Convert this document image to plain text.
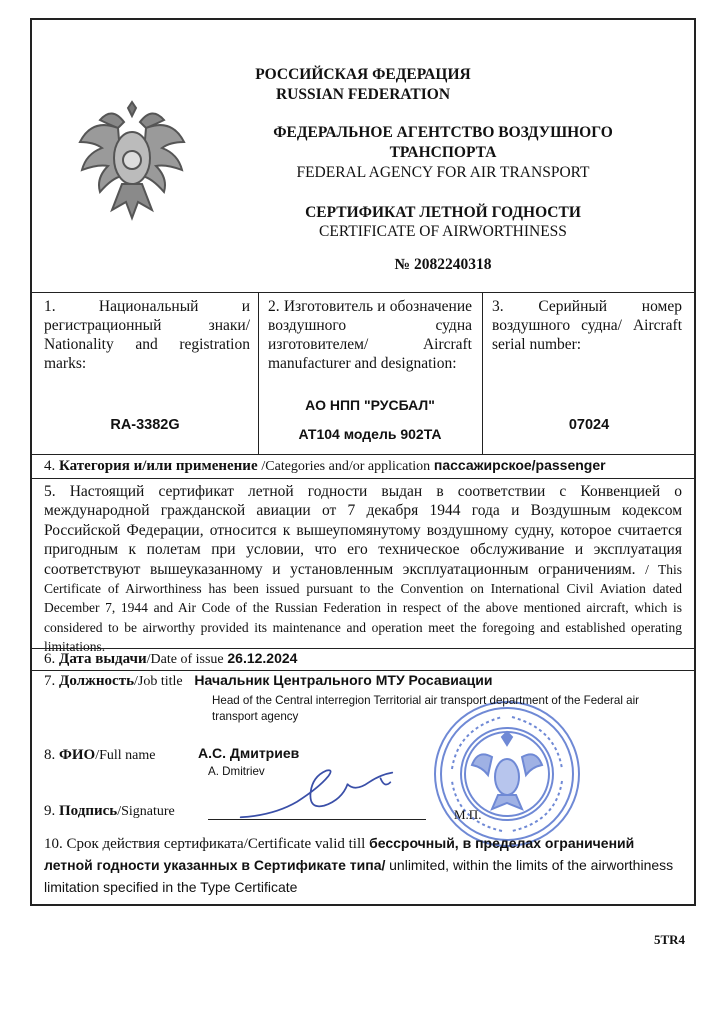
РОССИЙСКАЯ ФЕДЕРАЦИЯ
RUSSIAN FEDERATION
ФЕДЕРАЛЬНОЕ АГЕНТСТВО ВОЗДУШНОГО
ТРАНСПОРТА
FEDERAL AGENCY FOR AIR TRANSPORT
СЕРТИФИКАТ ЛЕТНОЙ ГОДНОСТИ
CERTIFICATE OF AIRWORTHINESS
№ 2082240318

1. Национальный и регистрационный знаки/ Nationality and registration marks:

RA-3382G

2. Изготовитель и обозначение воздушного судна изготовителем/ Aircraft manufacturer and designation:

АО НПП "РУСБАЛ"

АТ104 модель 902ТА

3. Серийный номер воздушного судна/ Aircraft serial number:

07024

4. Категория и/или применение /Categories and/or application пассажирское/passenger

5. Настоящий сертификат летной годности выдан в соответствии с Конвенцией о международной гражданской авиации от 7 декабря 1944 года и Воздушным кодексом Российской Федерации, относится к вышеупомянутому воздушному судну, которое считается пригодным к полетам при условии, что его техническое обслуживание и эксплуатация соответствуют вышеуказанному и установленным эксплуатационным ограничениям. / This Certificate of Airworthiness has been issued pursuant to the Convention on International Civil Aviation dated December 7, 1944 and Air Code of the Russian Federation in respect of the above mentioned aircraft, which is considered to be airworthy provided its maintenance and operation meet the foregoing and established operating limitations.

6. Дата выдачи/Date of issue 26.12.2024
7. Должность/Job title Начальник Центрального МТУ Росавиации

Head of the Central interregion Territorial air transport department of the Federal air transport agency

8. ФИО/Full name	А.С. Дмитриев

A. Dmitriev

9. Подпись/Signature	М.П.

10. Срок действия сертификата/Certificate valid till бессрочный, в пределах ограничений летной годности указанных в Сертификате типа/ unlimited, within the limits of the airworthiness limitation specified in the Type Certificate
5TR4
